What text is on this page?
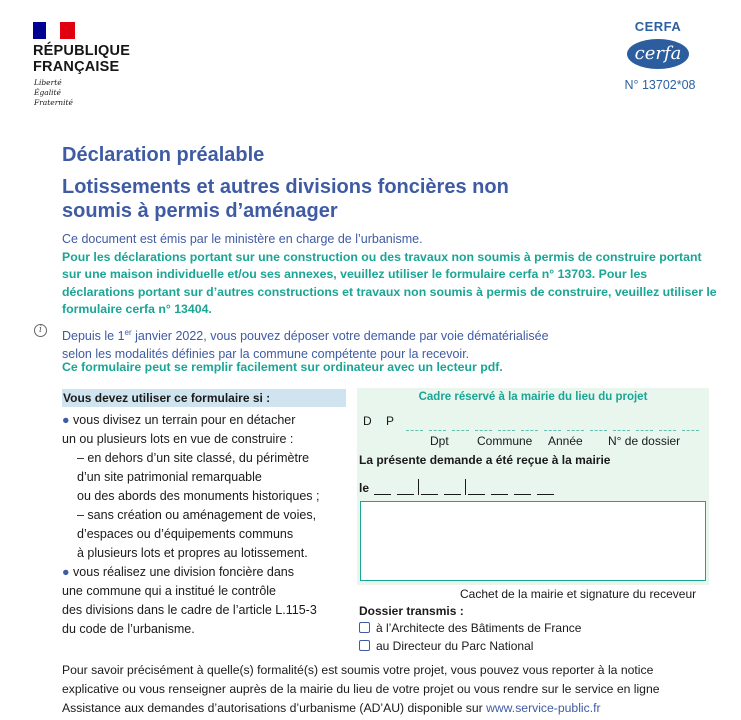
RÉPUBLIQUE FRANÇAISE
Liberté
Égalité
Fraternité
CERFA
cerfa
N° 13702*08
Déclaration préalable
Lotissements et autres divisions foncières non soumis à permis d’aménager
Ce document est émis par le ministère en charge de l’urbanisme.
Pour les déclarations portant sur une construction ou des travaux non soumis à permis de construire portant sur une maison individuelle et/ou ses annexes, veuillez utiliser le formulaire cerfa n° 13703. Pour les déclarations portant sur d’autres constructions et travaux non soumis à permis de construire, veuillez utiliser le formulaire cerfa n° 13404.
i	Depuis le 1er janvier 2022, vous pouvez déposer votre demande par voie dématérialisée
selon les modalités définies par la commune compétente pour la recevoir.
Ce formulaire peut se remplir facilement sur ordinateur avec un lecteur pdf.
Vous devez utiliser ce formulaire si :
● vous divisez un terrain pour en détacher
un ou plusieurs lots en vue de construire :
– en dehors d’un site classé, du périmètre
d’un site patrimonial remarquable
ou des abords des monuments historiques ;
– sans création ou aménagement de voies,
d’espaces ou d’équipements communs
à plusieurs lots et propres au lotissement.
● vous réalisez une division foncière dans
une commune qui a institué le contrôle
des divisions dans le cadre de l’article L.115-3
du code de l’urbanisme.
Cadre réservé à la mairie du lieu du projet
D P
Dpt Commune Année N° de dossier
La présente demande a été reçue à la mairie
le
Cachet de la mairie et signature du receveur
Dossier transmis :
à l’Architecte des Bâtiments de France
au Directeur du Parc National
Pour savoir précisément à quelle(s) formalité(s) est soumis votre projet, vous pouvez vous reporter à la notice
explicative ou vous renseigner auprès de la mairie du lieu de votre projet ou vous rendre sur le service en ligne
Assistance aux demandes d’autorisations d’urbanisme (AD’AU) disponible sur www.service-public.fr
